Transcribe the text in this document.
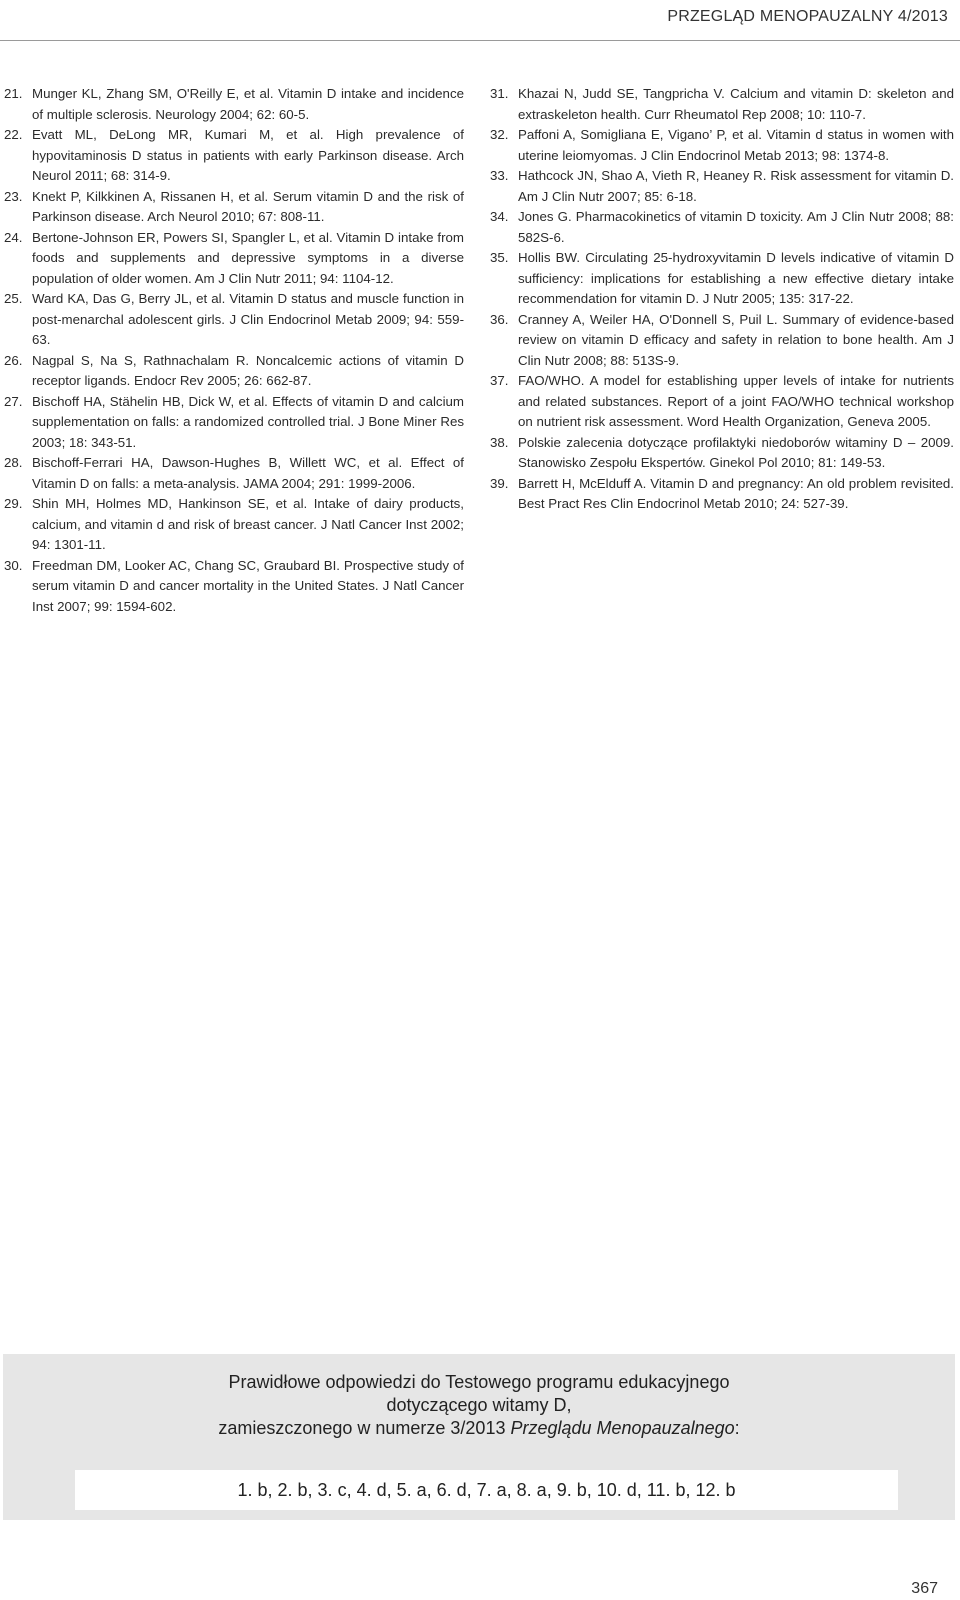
PRZEGLĄD MENOPAUZALNY 4/2013
21. Munger KL, Zhang SM, O'Reilly E, et al. Vitamin D intake and incidence of multiple sclerosis. Neurology 2004; 62: 60-5.
22. Evatt ML, DeLong MR, Kumari M, et al. High prevalence of hypovitaminosis D status in patients with early Parkinson disease. Arch Neurol 2011; 68: 314-9.
23. Knekt P, Kilkkinen A, Rissanen H, et al. Serum vitamin D and the risk of Parkinson disease. Arch Neurol 2010; 67: 808-11.
24. Bertone-Johnson ER, Powers SI, Spangler L, et al. Vitamin D intake from foods and supplements and depressive symptoms in a diverse population of older women. Am J Clin Nutr 2011; 94: 1104-12.
25. Ward KA, Das G, Berry JL, et al. Vitamin D status and muscle function in post-menarchal adolescent girls. J Clin Endocrinol Metab 2009; 94: 559-63.
26. Nagpal S, Na S, Rathnachalam R. Noncalcemic actions of vitamin D receptor ligands. Endocr Rev 2005; 26: 662-87.
27. Bischoff HA, Stähelin HB, Dick W, et al. Effects of vitamin D and calcium supplementation on falls: a randomized controlled trial. J Bone Miner Res 2003; 18: 343-51.
28. Bischoff-Ferrari HA, Dawson-Hughes B, Willett WC, et al. Effect of Vitamin D on falls: a meta-analysis. JAMA 2004; 291: 1999-2006.
29. Shin MH, Holmes MD, Hankinson SE, et al. Intake of dairy products, calcium, and vitamin d and risk of breast cancer. J Natl Cancer Inst 2002; 94: 1301-11.
30. Freedman DM, Looker AC, Chang SC, Graubard BI. Prospective study of serum vitamin D and cancer mortality in the United States. J Natl Cancer Inst 2007; 99: 1594-602.
31. Khazai N, Judd SE, Tangpricha V. Calcium and vitamin D: skeleton and extraskeleton health. Curr Rheumatol Rep 2008; 10: 110-7.
32. Paffoni A, Somigliana E, Vigano’ P, et al. Vitamin d status in women with uterine leiomyomas. J Clin Endocrinol Metab 2013; 98: 1374-8.
33. Hathcock JN, Shao A, Vieth R, Heaney R. Risk assessment for vitamin D. Am J Clin Nutr 2007; 85: 6-18.
34. Jones G. Pharmacokinetics of vitamin D toxicity. Am J Clin Nutr 2008; 88: 582S-6.
35. Hollis BW. Circulating 25-hydroxyvitamin D levels indicative of vitamin D sufficiency: implications for establishing a new effective dietary intake recommendation for vitamin D. J Nutr 2005; 135: 317-22.
36. Cranney A, Weiler HA, O'Donnell S, Puil L. Summary of evidence-based review on vitamin D efficacy and safety in relation to bone health. Am J Clin Nutr 2008; 88: 513S-9.
37. FAO/WHO. A model for establishing upper levels of intake for nutrients and related substances. Report of a joint FAO/WHO technical workshop on nutrient risk assessment. Word Health Organization, Geneva 2005.
38. Polskie zalecenia dotyczące profilaktyki niedoborów witaminy D – 2009. Stanowisko Zespołu Ekspertów. Ginekol Pol 2010; 81: 149-53.
39. Barrett H, McElduff A. Vitamin D and pregnancy: An old problem revisited. Best Pract Res Clin Endocrinol Metab 2010; 24: 527-39.
Prawidłowe odpowiedzi do Testowego programu edukacyjnego
dotyczącego witamy D,
zamieszczonego w numerze 3/2013 Przeglądu Menopauzalnego:
1. b, 2. b, 3. c, 4. d, 5. a, 6. d, 7. a, 8. a, 9. b, 10. d, 11. b, 12. b
367
